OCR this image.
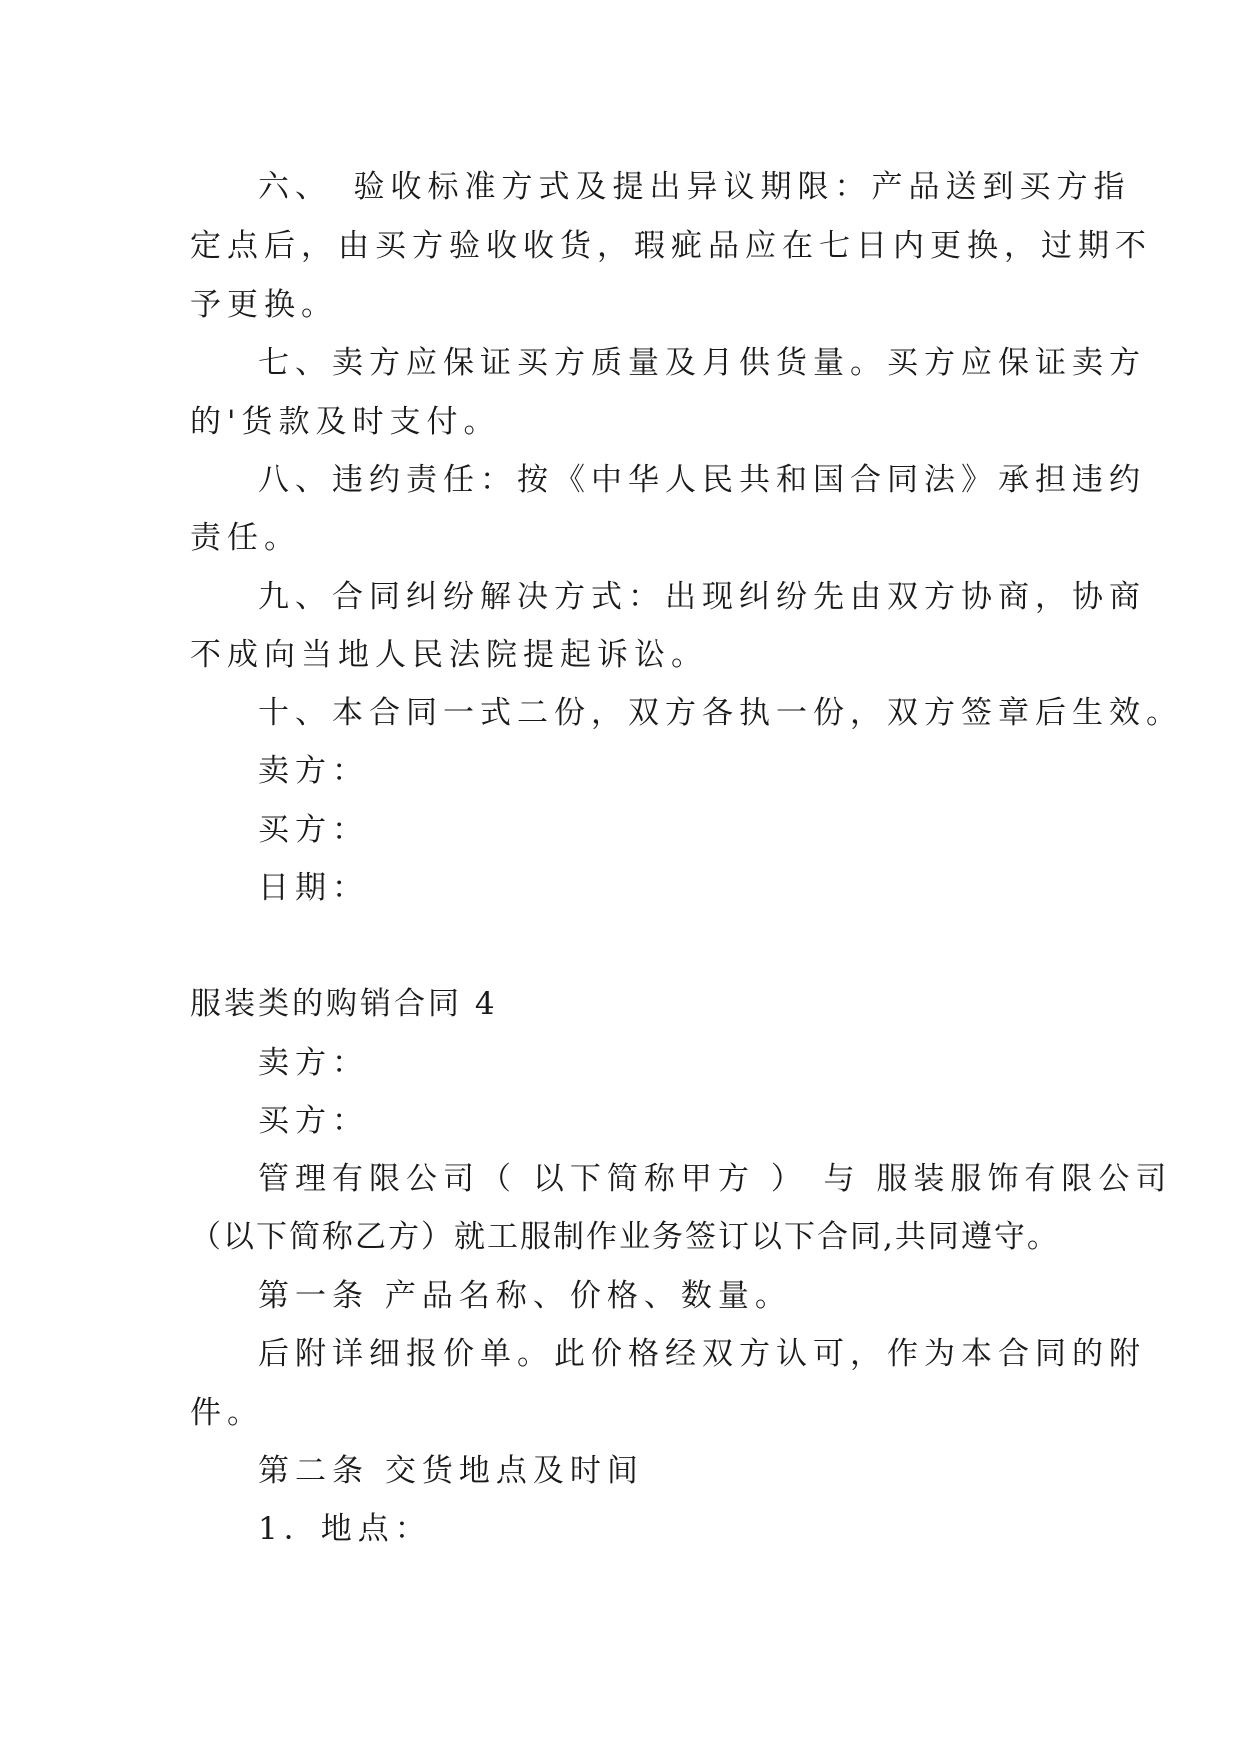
六、　验收标准方式及提出异议期限：产品送到买方指
定点后，由买方验收收货，瑕疵品应在七日内更换，过期不
予更换。
七、卖方应保证买方质量及月供货量。买方应保证卖方
的'货款及时支付。
八、违约责任：按《中华人民共和国合同法》承担违约
责任。
九、合同纠纷解决方式：出现纠纷先由双方协商，协商
不成向当地人民法院提起诉讼。
十、本合同一式二份，双方各执一份，双方签章后生效。
卖方：
买方：
日期：
服装类的购销合同 4
卖方：
买方：
管理有限公司（ 以下简称甲方 ） 与 服装服饰有限公司
（以下简称乙方）就工服制作业务签订以下合同,共同遵守。
第一条 产品名称、价格、数量。
后附详细报价单。此价格经双方认可，作为本合同的附
件。
第二条 交货地点及时间
1．地点：
